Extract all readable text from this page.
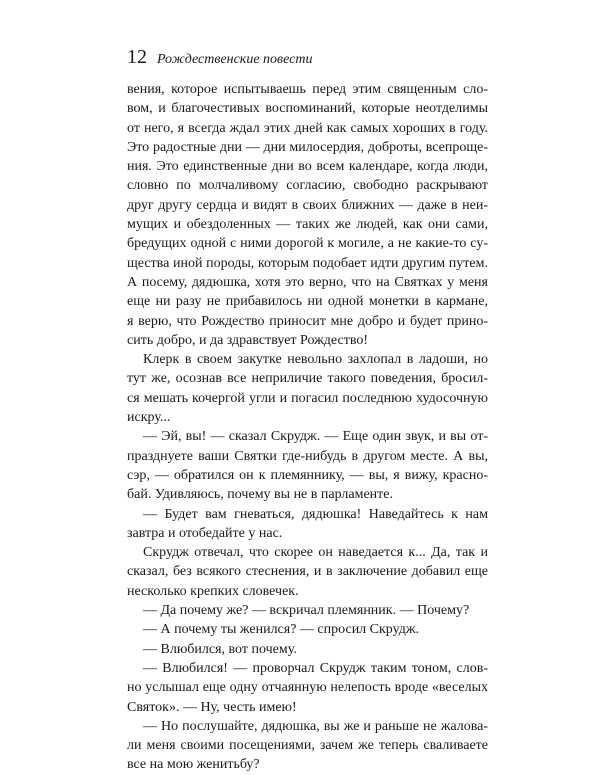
12 Рождественские повести
вения, которое испытываешь перед этим священным сло-
вом, и благочестивых воспоминаний, которые неотделимы
от него, я всегда ждал этих дней как самых хороших в году.
Это радостные дни — дни милосердия, доброты, всепроще-
ния. Это единственные дни во всем календаре, когда люди,
словно по молчаливому согласию, свободно раскрывают
друг другу сердца и видят в своих ближних — даже в неи-
мущих и обездоленных — таких же людей, как они сами,
бредущих одной с ними дорогой к могиле, а не какие-то су-
щества иной породы, которым подобает идти другим путем.
А посему, дядюшка, хотя это верно, что на Святках у меня
еще ни разу не прибавилось ни одной монетки в кармане,
я верю, что Рождество приносит мне добро и будет прино-
сить добро, и да здравствует Рождество!
Клерк в своем закутке невольно захлопал в ладоши, но
тут же, осознав все неприличие такого поведения, бросил-
ся мешать кочергой угли и погасил последнюю худосочную
искру...
— Эй, вы! — сказал Скрудж. — Еще один звук, и вы от-
празднуете ваши Святки где-нибудь в другом месте. А вы,
сэр, — обратился он к племяннику, — вы, я вижу, красно-
бай. Удивляюсь, почему вы не в парламенте.
— Будет вам гневаться, дядюшка! Наведайтесь к нам
завтра и отобедайте у нас.
Скрудж отвечал, что скорее он наведается к... Да, так и
сказал, без всякого стеснения, и в заключение добавил еще
несколько крепких словечек.
— Да почему же? — вскричал племянник. — Почему?
— А почему ты женился? — спросил Скрудж.
— Влюбился, вот почему.
— Влюбился! — проворчал Скрудж таким тоном, слов-
но услышал еще одну отчаянную нелепость вроде «веселых
Святок». — Ну, честь имею!
— Но послушайте, дядюшка, вы же и раньше не жалова-
ли меня своими посещениями, зачем же теперь сваливаете
все на мою женитьбу?
